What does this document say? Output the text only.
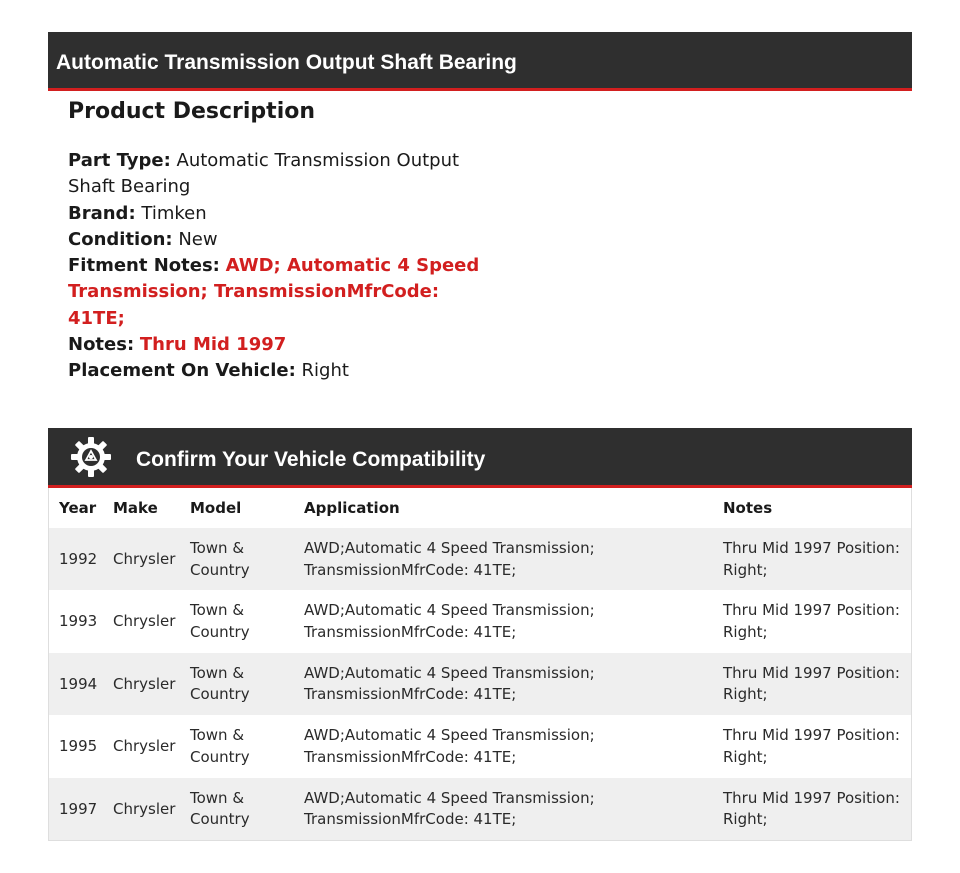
Automatic Transmission Output Shaft Bearing
Product Description
Part Type: Automatic Transmission Output Shaft Bearing
Brand: Timken
Condition: New
Fitment Notes: AWD; Automatic 4 Speed Transmission; TransmissionMfrCode: 41TE;
Notes: Thru Mid 1997
Placement On Vehicle: Right
Confirm Your Vehicle Compatibility
Year Make Model	Application	Notes
1992 Chrysler
Town & Country
AWD;Automatic 4 Speed Transmission; TransmissionMfrCode: 41TE;
Thru Mid 1997 Position: Right;
1993 Chrysler
Town & Country
AWD;Automatic 4 Speed Transmission; TransmissionMfrCode: 41TE;
Thru Mid 1997 Position: Right;
1994 Chrysler
Town & Country
AWD;Automatic 4 Speed Transmission; TransmissionMfrCode: 41TE;
Thru Mid 1997 Position: Right;
1995 Chrysler
Town & Country
AWD;Automatic 4 Speed Transmission; TransmissionMfrCode: 41TE;
Thru Mid 1997 Position: Right;
1997 Chrysler
Town & Country
AWD;Automatic 4 Speed Transmission; TransmissionMfrCode: 41TE;
Thru Mid 1997 Position: Right;
